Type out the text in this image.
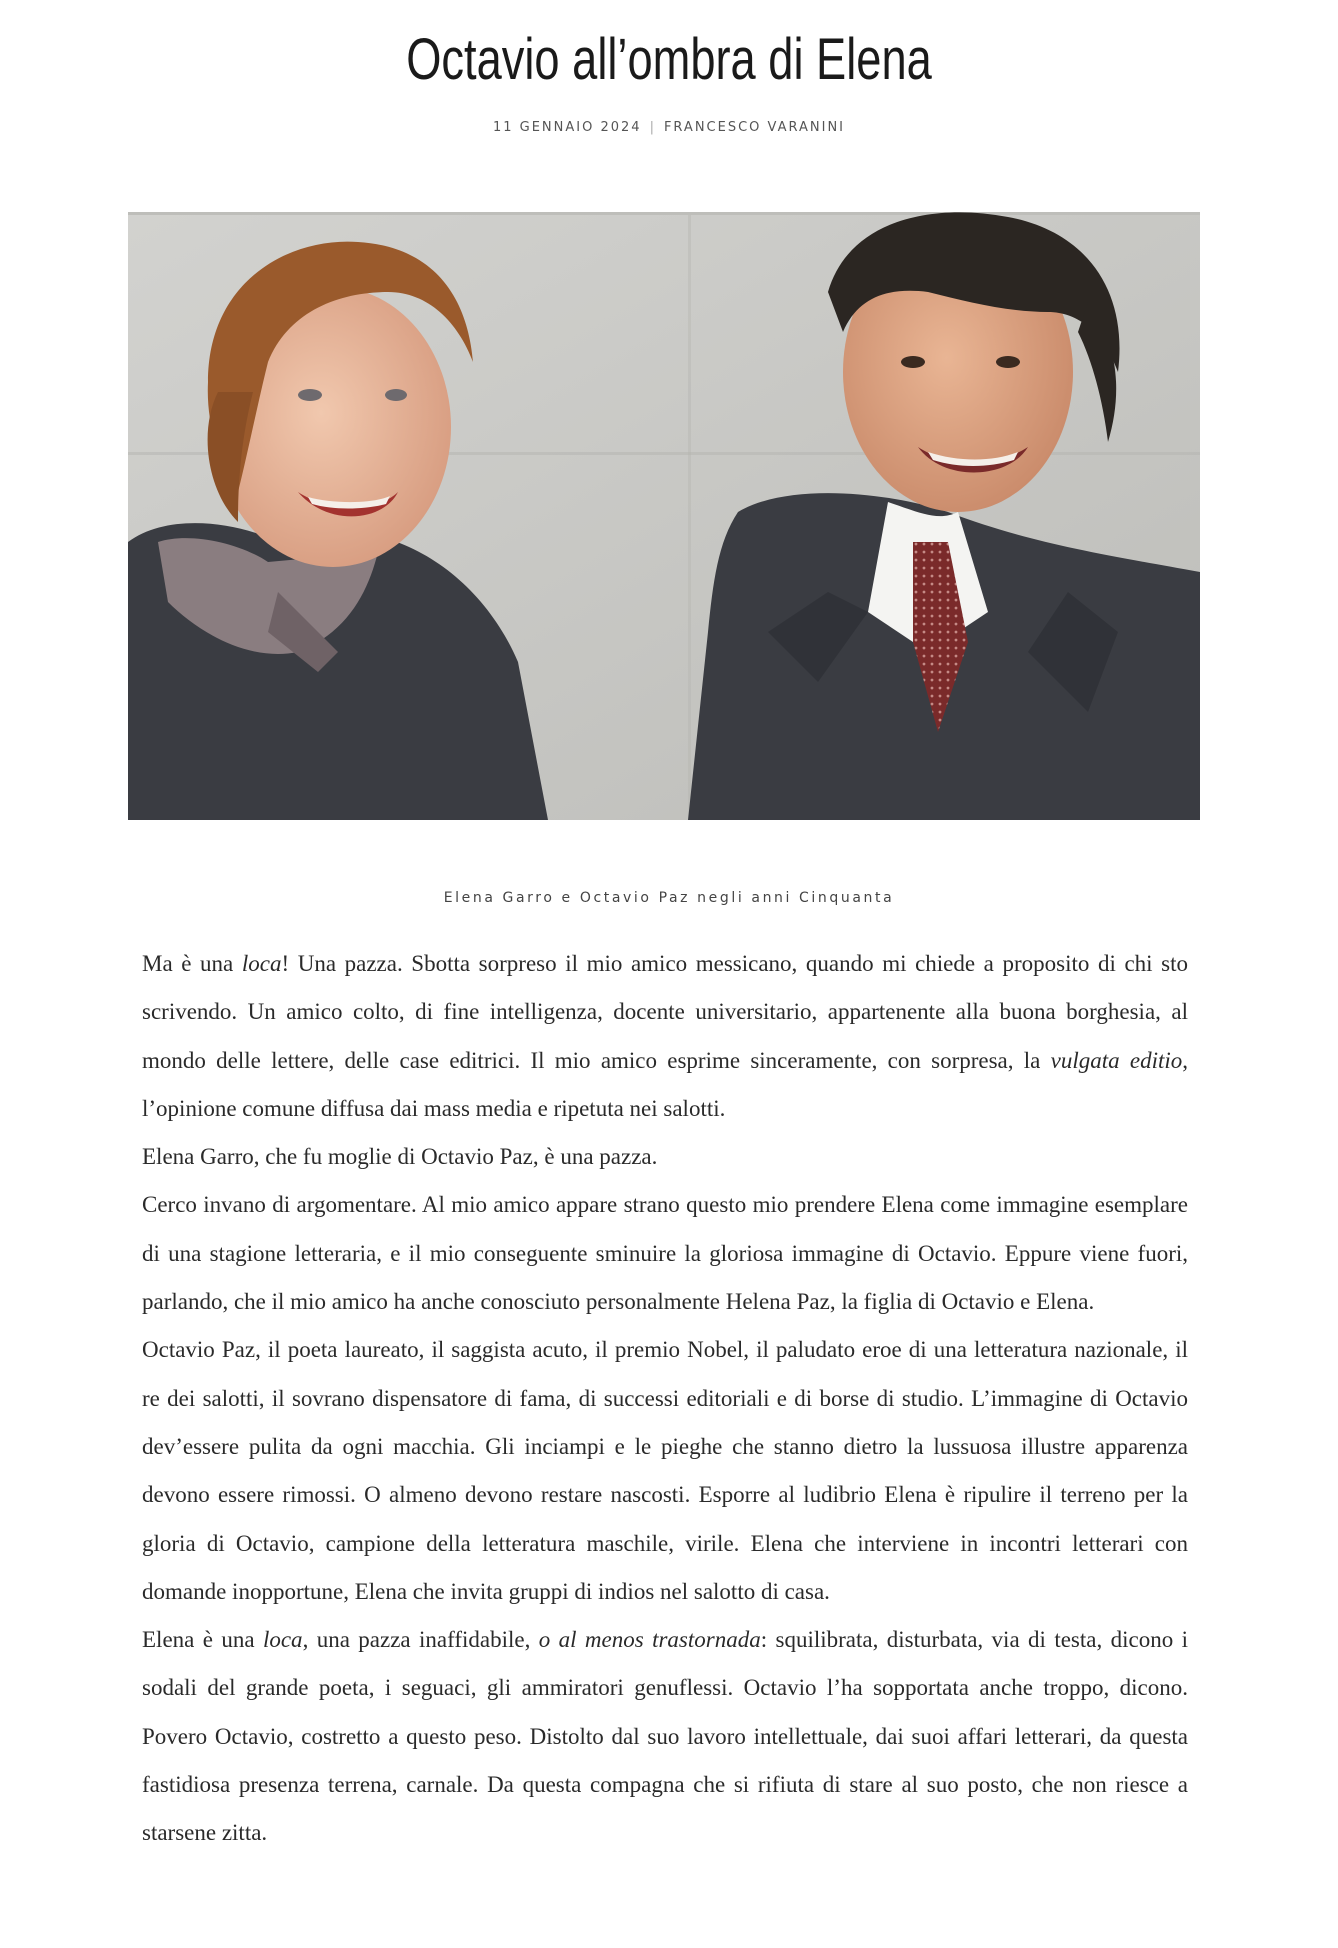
Octavio all’ombra di Elena
11 GENNAIO 2024 | FRANCESCO VARANINI
Elena Garro e Octavio Paz negli anni Cinquanta

Ma è una loca! Una pazza. Sbotta sorpreso il mio amico messicano, quando mi chiede a proposito di chi sto scrivendo. Un amico colto, di fine intelligenza, docente universitario, appartenente alla buona borghesia, al mondo delle lettere, delle case editrici. Il mio amico esprime sinceramente, con sorpresa, la vulgata editio, l’opinione comune diffusa dai mass media e ripetuta nei salotti.

Elena Garro, che fu moglie di Octavio Paz, è una pazza.

Cerco invano di argomentare. Al mio amico appare strano questo mio prendere Elena come immagine esemplare di una stagione letteraria, e il mio conseguente sminuire la gloriosa immagine di Octavio. Eppure viene fuori, parlando, che il mio amico ha anche conosciuto personalmente Helena Paz, la figlia di Octavio e Elena.

Octavio Paz, il poeta laureato, il saggista acuto, il premio Nobel, il paludato eroe di una letteratura nazionale, il re dei salotti, il sovrano dispensatore di fama, di successi editoriali e di borse di studio. L’immagine di Octavio dev’essere pulita da ogni macchia. Gli inciampi e le pieghe che stanno dietro la lussuosa illustre apparenza devono essere rimossi. O almeno devono restare nascosti. Esporre al ludibrio Elena è ripulire il terreno per la gloria di Octavio, campione della letteratura maschile, virile. Elena che interviene in incontri letterari con domande inopportune, Elena che invita gruppi di indios nel salotto di casa.

Elena è una loca, una pazza inaffidabile, o al menos trastornada: squilibrata, disturbata, via di testa, dicono i sodali del grande poeta, i seguaci, gli ammiratori genuflessi. Octavio l’ha sopportata anche troppo, dicono. Povero Octavio, costretto a questo peso. Distolto dal suo lavoro intellettuale, dai suoi affari letterari, da questa fastidiosa presenza terrena, carnale. Da questa compagna che si rifiuta di stare al suo posto, che non riesce a starsene zitta.
